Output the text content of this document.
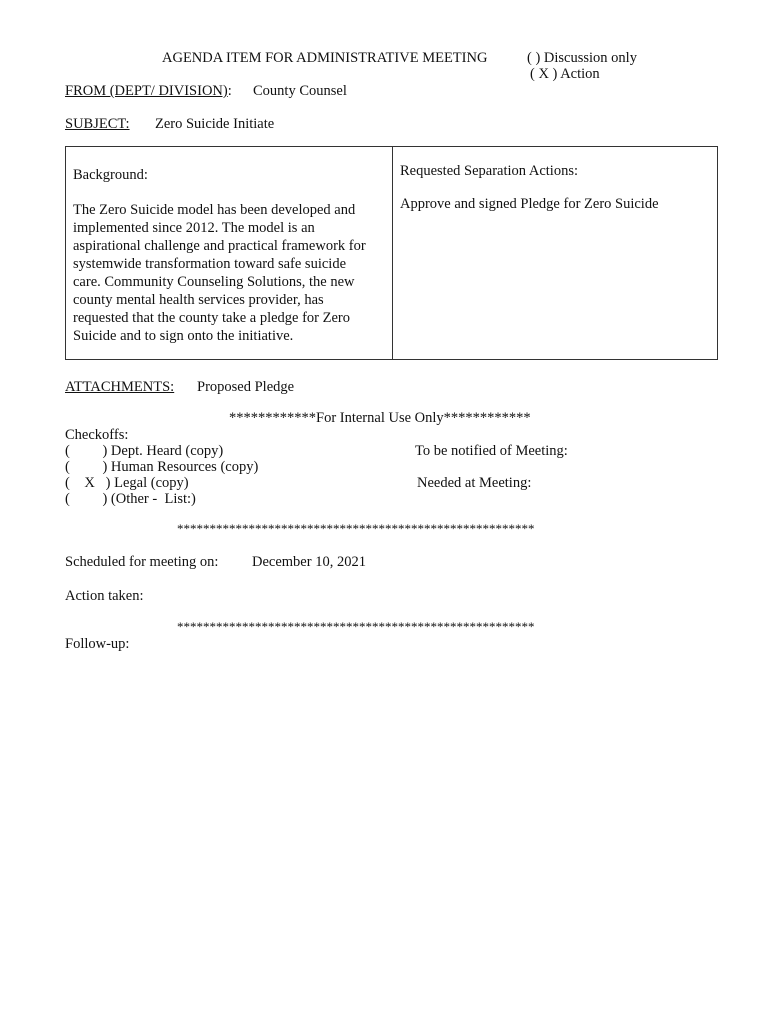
AGENDA ITEM FOR ADMINISTRATIVE MEETING	( ) Discussion only
( X ) Action
FROM (DEPT/ DIVISION): County Counsel
SUBJECT: Zero Suicide Initiate
Background:
The Zero Suicide model has been developed and
implemented since 2012. The model is an
aspirational challenge and practical framework for
systemwide transformation toward safe suicide
care. Community Counseling Solutions, the new
county mental health services provider, has
requested that the county take a pledge for Zero
Suicide and to sign onto the initiative.
Requested Separation Actions:
Approve and signed Pledge for Zero Suicide
ATTACHMENTS: Proposed Pledge
************For Internal Use Only************
Checkoffs:
(         ) Dept. Heard (copy)
(         ) Human Resources (copy)
(    X   ) Legal (copy)
(         ) (Other -  List:)
To be notified of Meeting:
Needed at Meeting:
*******************************************************
Scheduled for meeting on: December 10, 2021
Action taken:
*******************************************************
Follow-up:
